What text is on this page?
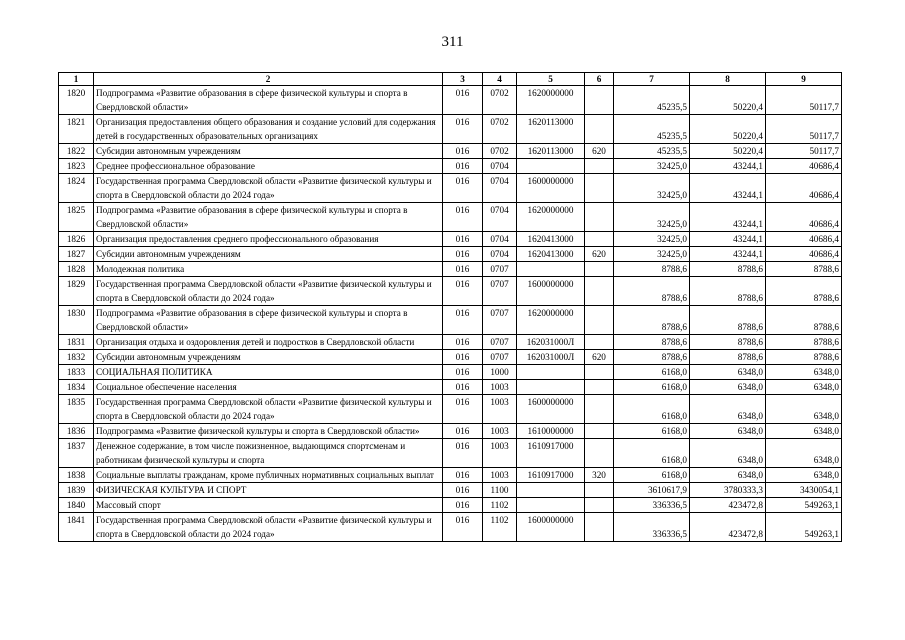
311
1	2	3	4	5	6	7	8	9
1820	Подпрограмма «Развитие образования в сфере физической культуры и спорта в Свердловской области»	016	0702	1620000000		45235,5	50220,4	50117,7
1821	Организация предоставления общего образования и создание условий для содержания детей в государственных образовательных организациях	016	0702	1620113000		45235,5	50220,4	50117,7
1822	Субсидии автономным учреждениям	016	0702	1620113000	620	45235,5	50220,4	50117,7
1823	Среднее профессиональное образование	016	0704			32425,0	43244,1	40686,4
1824	Государственная программа Свердловской области «Развитие физической культуры и спорта в Свердловской области до 2024 года»	016	0704	1600000000		32425,0	43244,1	40686,4
1825	Подпрограмма «Развитие образования в сфере физической культуры и спорта в Свердловской области»	016	0704	1620000000		32425,0	43244,1	40686,4
1826	Организация предоставления среднего профессионального образования	016	0704	1620413000		32425,0	43244,1	40686,4
1827	Субсидии автономным учреждениям	016	0704	1620413000	620	32425,0	43244,1	40686,4
1828	Молодежная политика	016	0707			8788,6	8788,6	8788,6
1829	Государственная программа Свердловской области «Развитие физической культуры и спорта в Свердловской области до 2024 года»	016	0707	1600000000		8788,6	8788,6	8788,6
1830	Подпрограмма «Развитие образования в сфере физической культуры и спорта в Свердловской области»	016	0707	1620000000		8788,6	8788,6	8788,6
1831	Организация отдыха и оздоровления детей и подростков в Свердловской области	016	0707	162031000Л		8788,6	8788,6	8788,6
1832	Субсидии автономным учреждениям	016	0707	162031000Л	620	8788,6	8788,6	8788,6
1833	СОЦИАЛЬНАЯ ПОЛИТИКА	016	1000			6168,0	6348,0	6348,0
1834	Социальное обеспечение населения	016	1003			6168,0	6348,0	6348,0
1835	Государственная программа Свердловской области «Развитие физической культуры и спорта в Свердловской области до 2024 года»	016	1003	1600000000		6168,0	6348,0	6348,0
1836	Подпрограмма «Развитие физической культуры и спорта в Свердловской области»	016	1003	1610000000		6168,0	6348,0	6348,0
1837	Денежное содержание, в том числе пожизненное, выдающимся спортсменам и работникам физической культуры и спорта	016	1003	1610917000		6168,0	6348,0	6348,0
1838	Социальные выплаты гражданам, кроме публичных нормативных социальных выплат	016	1003	1610917000	320	6168,0	6348,0	6348,0
1839	ФИЗИЧЕСКАЯ КУЛЬТУРА И СПОРТ	016	1100			3610617,9	3780333,3	3430054,1
1840	Массовый спорт	016	1102			336336,5	423472,8	549263,1
1841	Государственная программа Свердловской области «Развитие физической культуры и спорта в Свердловской области до 2024 года»	016	1102	1600000000		336336,5	423472,8	549263,1
